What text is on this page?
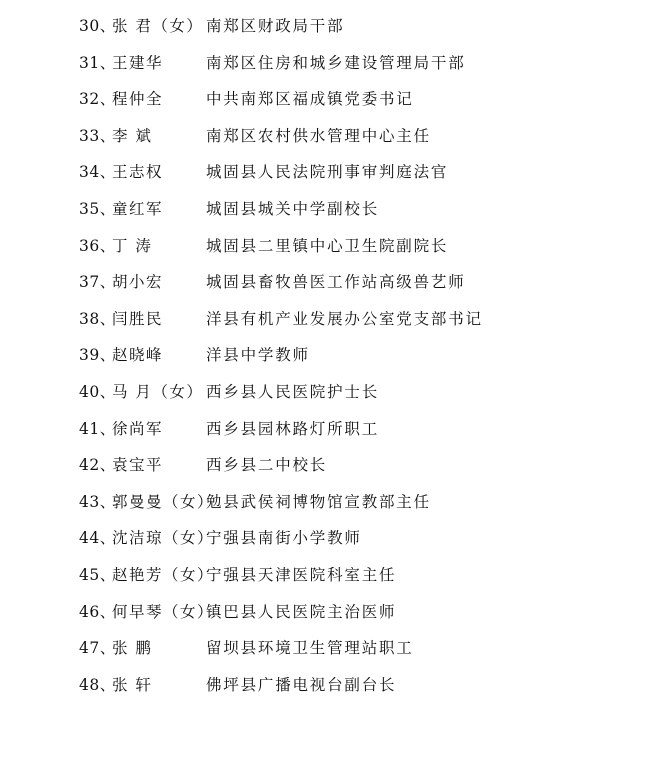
30、
张 君（女） 南郑区财政局干部
31、
王建华	南郑区住房和城乡建设管理局干部
32、
程仲全	中共南郑区福成镇党委书记
33、
李 斌	南郑区农村供水管理中心主任
34、
王志权	城固县人民法院刑事审判庭法官
35、
童红军	城固县城关中学副校长
36、
丁 涛	城固县二里镇中心卫生院副院长
37、
胡小宏	城固县畜牧兽医工作站高级兽艺师
38、
闫胜民	洋县有机产业发展办公室党支部书记
39、
赵晓峰	洋县中学教师
40、
马 月（女） 西乡县人民医院护士长
41、
徐尚军	西乡县园林路灯所职工
42、
袁宝平	西乡县二中校长
43、
郭曼曼（女）
勉县武侯祠博物馆宣教部主任
44、
沈洁琼（女）
宁强县南街小学教师
45、
赵艳芳（女）
宁强县天津医院科室主任
46、
何早琴（女）
镇巴县人民医院主治医师
47、
张 鹏	留坝县环境卫生管理站职工
48、
张 轩	佛坪县广播电视台副台长
